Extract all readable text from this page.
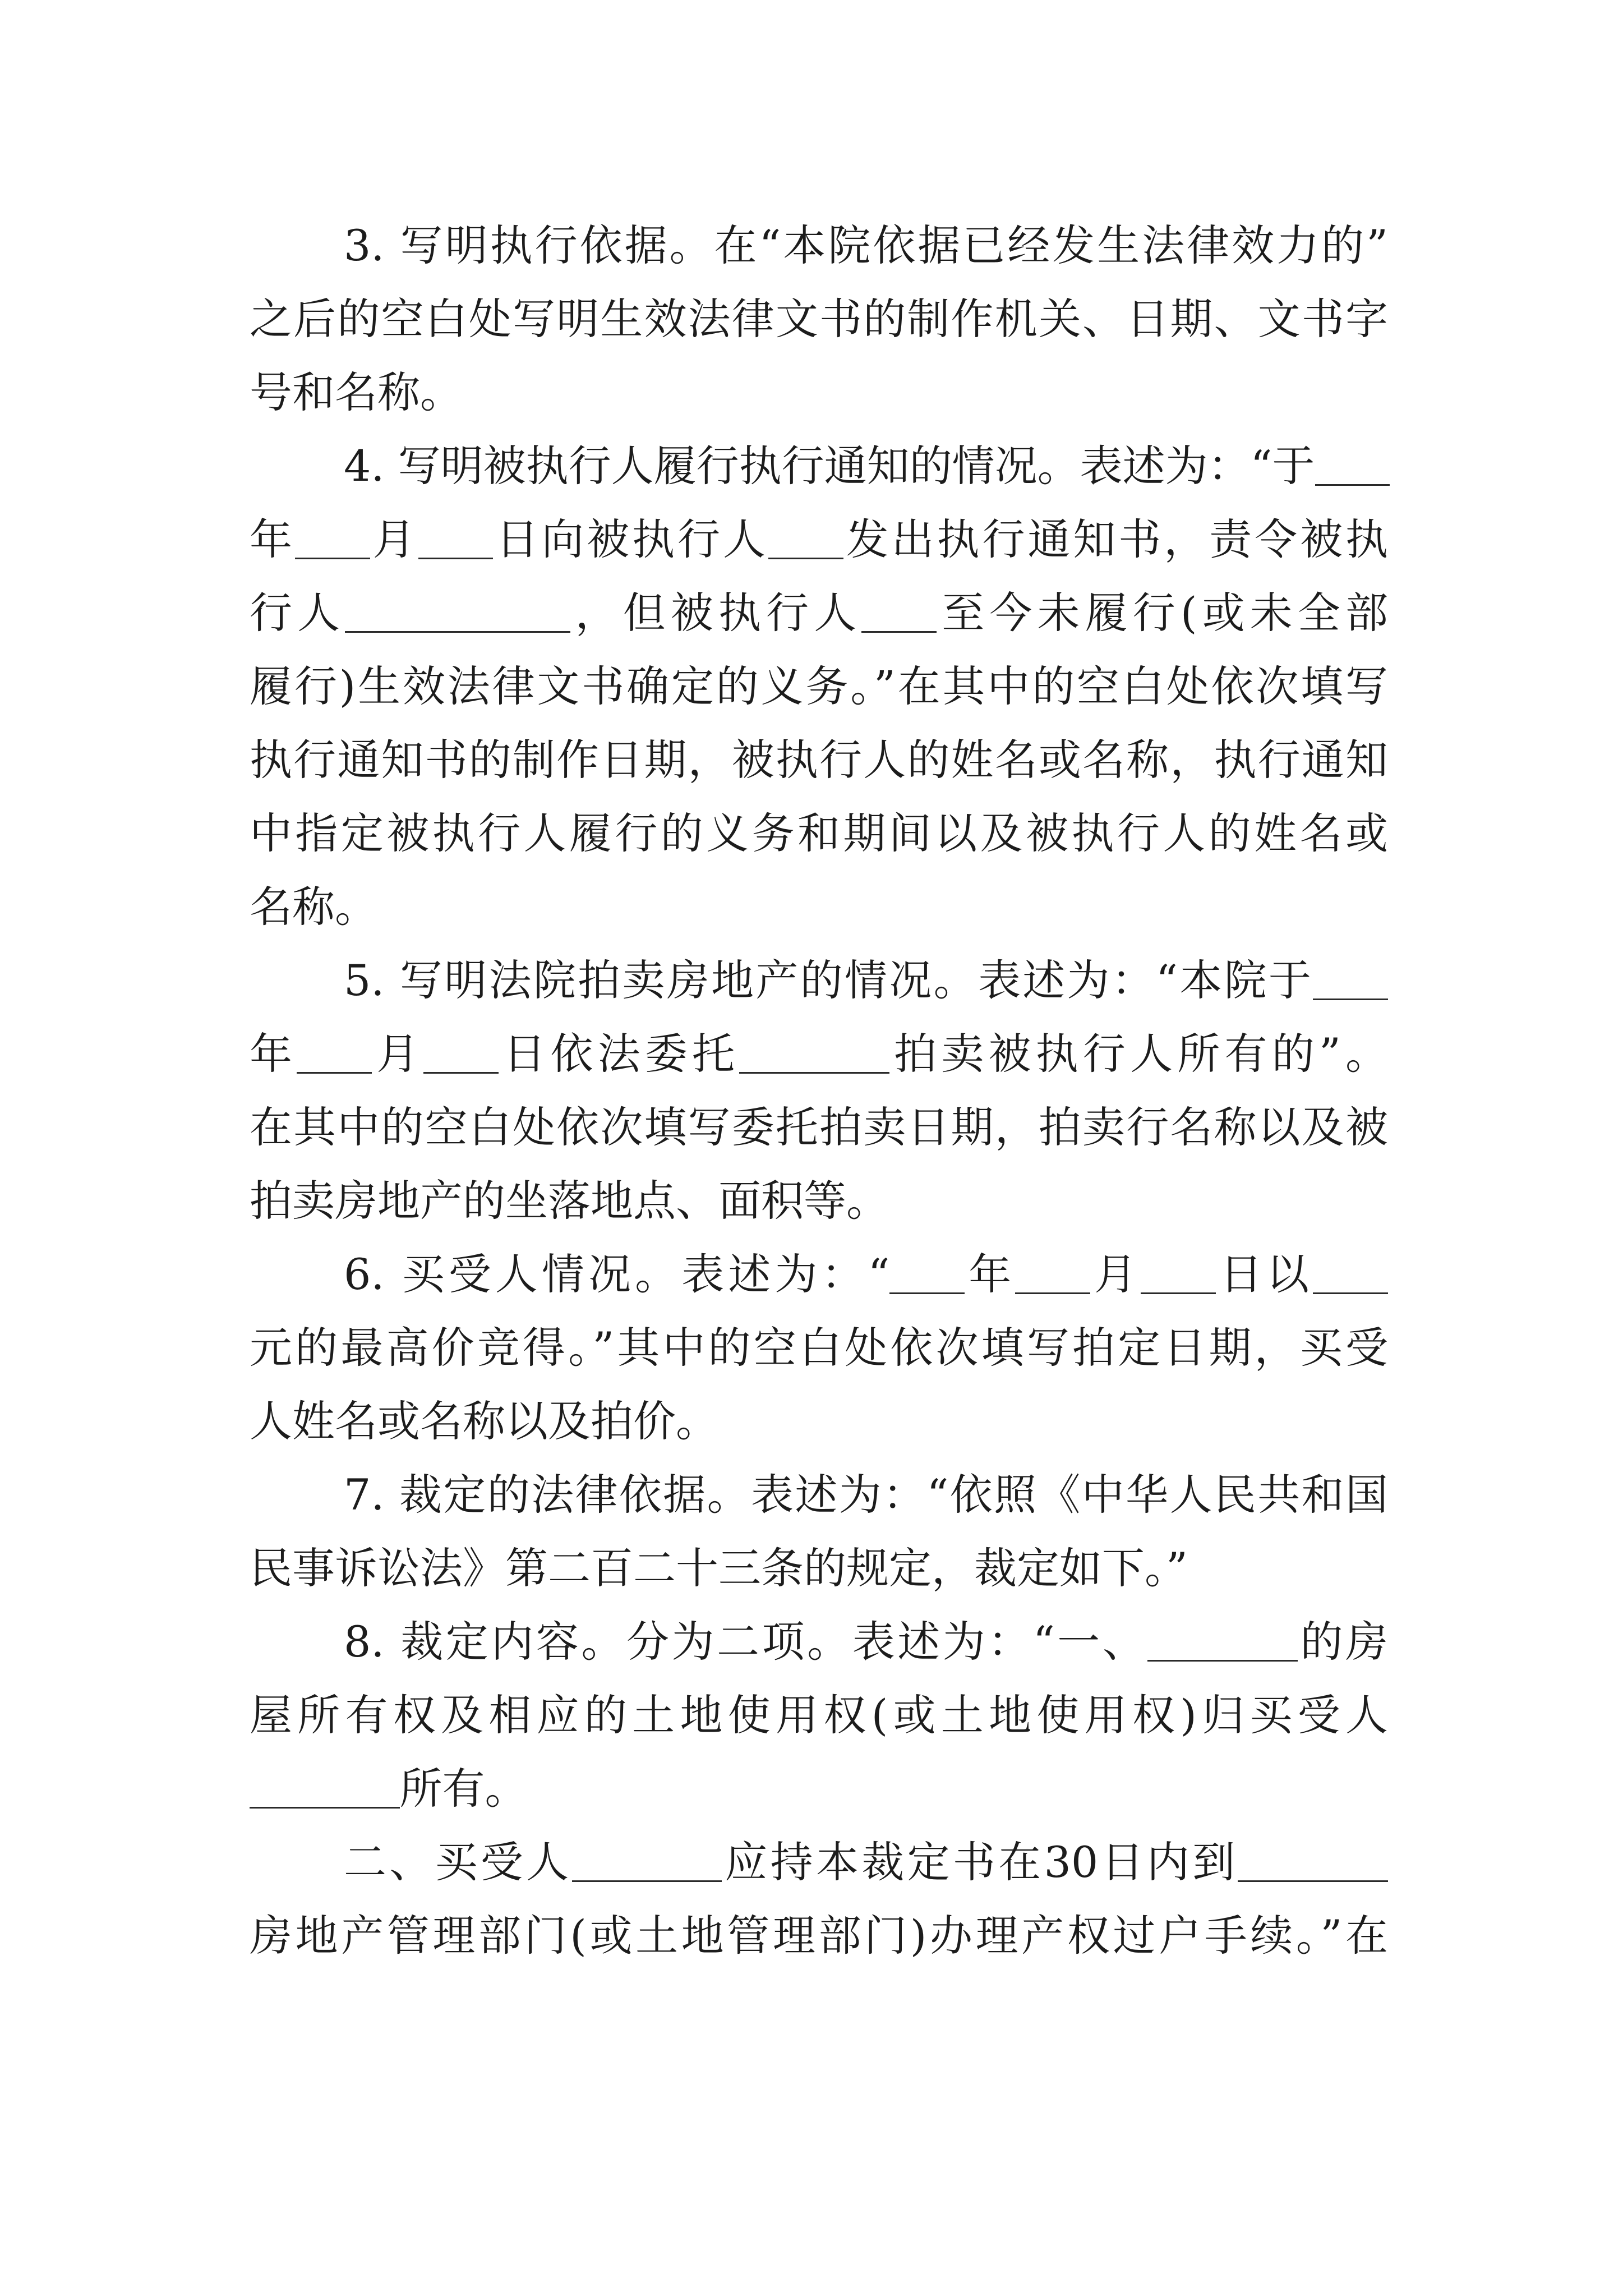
3. 写明执行依据。在“本院依据已经发生法律效力的”
之后的空白处写明生效法律文书的制作机关、日期、文书字
号和名称。
4. 写明被执行人履行执行通知的情况。表述为：“于
年 月 日向被执行人 发出执行通知书，责令被执
行人	，但被执行人 至今未履行(或未全部
履行)生效法律文书确定的义务。”在其中的空白处依次填写
执行通知书的制作日期，被执行人的姓名或名称，执行通知
中指定被执行人履行的义务和期间以及被执行人的姓名或
名称。
5. 写明法院拍卖房地产的情况。表述为：“本院于
年 月 日依法委托	拍卖被执行人所有的”。
在其中的空白处依次填写委托拍卖日期，拍卖行名称以及被
拍卖房地产的坐落地点、面积等。
6. 买受人情况。表述为：“ 年 月 日以
元的最高价竞得。”其中的空白处依次填写拍定日期，买受
人姓名或名称以及拍价。
7. 裁定的法律依据。表述为：“依照《中华人民共和国
民事诉讼法》第二百二十三条的规定，裁定如下。”
8. 裁定内容。分为二项。表述为：“一、	的房
屋所有权及相应的土地使用权(或土地使用权)归买受人
所有。
二、买受人	应持本裁定书在30日内到
房地产管理部门(或土地管理部门)办理产权过户手续。”在
